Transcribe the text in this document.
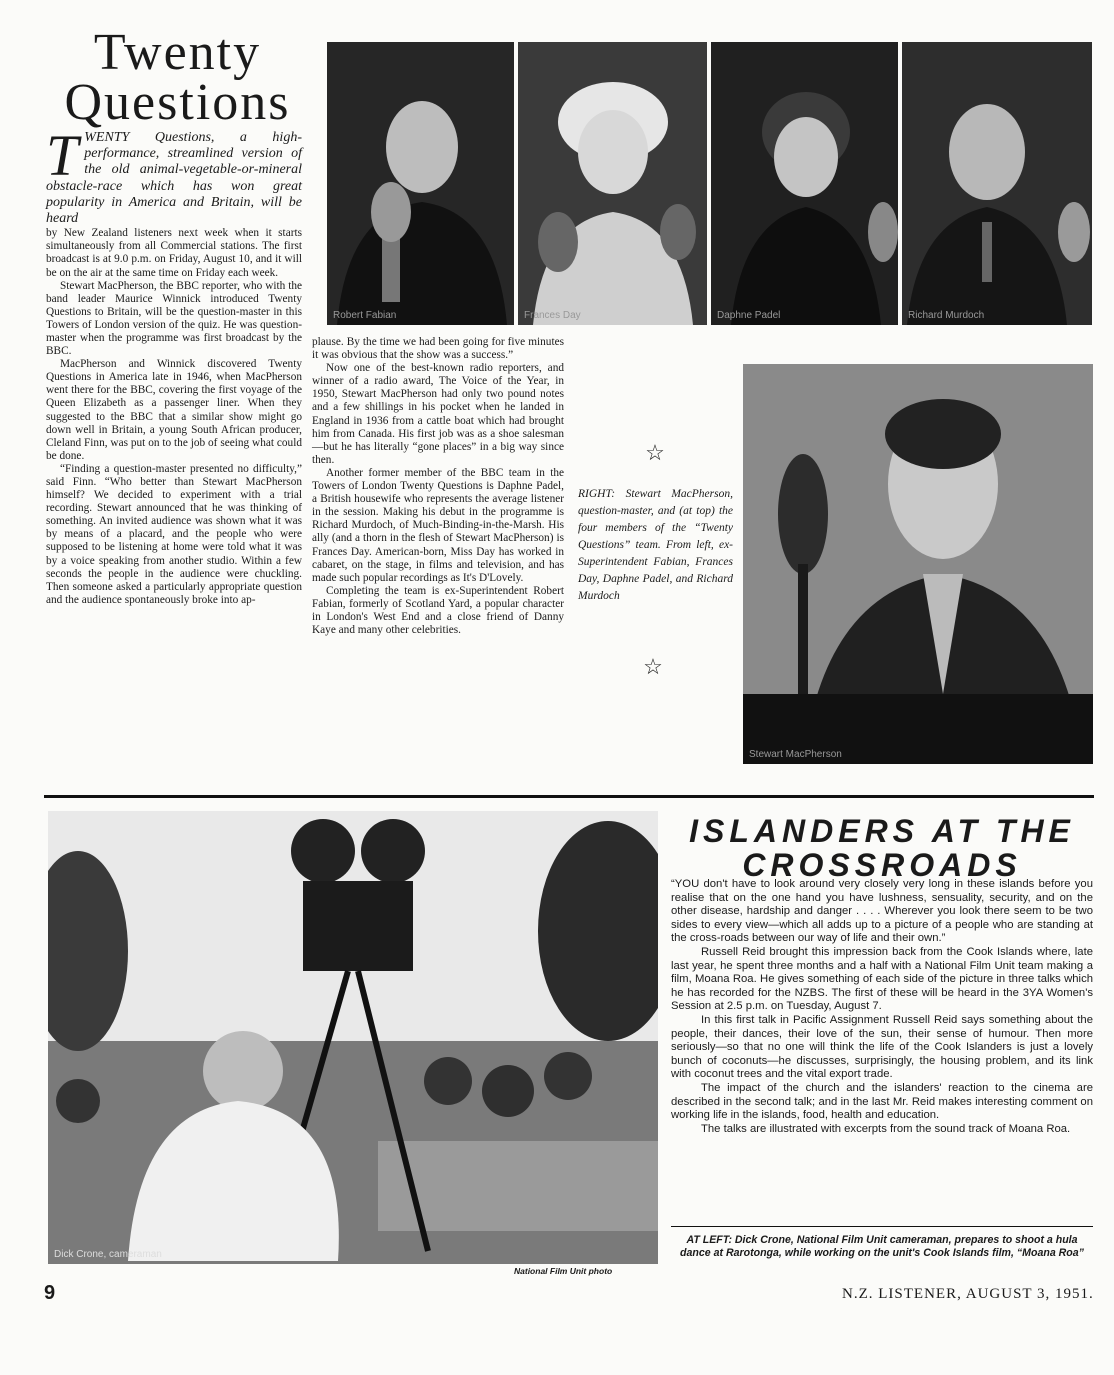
Twenty
Questions
TWENTY Questions, a high-performance, streamlined version of the old animal-vegetable-or-mineral obstacle-race which has won great popularity in America and Britain, will be heard

by New Zealand listeners next week when it starts simultaneously from all Commercial stations. The first broadcast is at 9.0 p.m. on Friday, August 10, and it will be on the air at the same time on Friday each week.

Stewart MacPherson, the BBC reporter, who with the band leader Maurice Winnick introduced Twenty Questions to Britain, will be the question-master in this Towers of London version of the quiz. He was question-master when the programme was first broadcast by the BBC.

MacPherson and Winnick discovered Twenty Questions in America late in 1946, when MacPherson went there for the BBC, covering the first voyage of the Queen Elizabeth as a passenger liner. When they suggested to the BBC that a similar show might go down well in Britain, a young South African producer, Cleland Finn, was put on to the job of seeing what could be done.

“Finding a question-master presented no difficulty,” said Finn. “Who better than Stewart MacPherson himself? We decided to experiment with a trial recording. Stewart announced that he was thinking of something. An invited audience was shown what it was by means of a placard, and the people who were supposed to be listening at home were told what it was by a voice speaking from another studio. Within a few seconds the people in the audience were chuckling. Then someone asked a particularly appropriate question and the audience spontaneously broke into ap-

plause. By the time we had been going for five minutes it was obvious that the show was a success.”

Now one of the best-known radio reporters, and winner of a radio award, The Voice of the Year, in 1950, Stewart MacPherson had only two pound notes and a few shillings in his pocket when he landed in England in 1936 from a cattle boat which had brought him from Canada. His first job was as a shoe salesman—but he has literally “gone places” in a big way since then.

Another former member of the BBC team in the Towers of London Twenty Questions is Daphne Padel, a British housewife who represents the average listener in the session. Making his debut in the programme is Richard Murdoch, of Much-Binding-in-the-Marsh. His ally (and a thorn in the flesh of Stewart MacPherson) is Frances Day. American-born, Miss Day has worked in cabaret, on the stage, in films and television, and has made such popular recordings as It's D'Lovely.

Completing the team is ex-Superintendent Robert Fabian, formerly of Scotland Yard, a popular character in London's West End and a close friend of Danny Kaye and many other celebrities.

Robert Fabian	Frances Day	Daphne Padel	Richard Murdoch
☆
RIGHT: Stewart MacPherson, question-master, and (at top) the four members of the “Twenty Questions” team. From left, ex-Superintendent Fabian, Frances Day, Daphne Padel, and Richard Murdoch
☆
Stewart MacPherson
Dick Crone, cameraman
National Film Unit photo
ISLANDERS AT THE
CROSSROADS

“YOU don't have to look around very closely very long in these islands before you realise that on the one hand you have lushness, sensuality, security, and on the other disease, hardship and danger . . . . Wherever you look there seem to be two sides to every view—which all adds up to a picture of a people who are standing at the cross-roads between our way of life and their own.”

Russell Reid brought this impression back from the Cook Islands where, late last year, he spent three months and a half with a National Film Unit team making a film, Moana Roa. He gives something of each side of the picture in three talks which he has recorded for the NZBS. The first of these will be heard in the 3YA Women's Session at 2.5 p.m. on Tuesday, August 7.

In this first talk in Pacific Assignment Russell Reid says something about the people, their dances, their love of the sun, their sense of humour. Then more seriously—so that no one will think the life of the Cook Islanders is just a lovely bunch of coconuts—he discusses, surprisingly, the housing problem, and its link with coconut trees and the vital export trade.

The impact of the church and the islanders' reaction to the cinema are described in the second talk; and in the last Mr. Reid makes interesting comment on working life in the islands, food, health and education.

The talks are illustrated with excerpts from the sound track of Moana Roa.

AT LEFT: Dick Crone, National Film Unit cameraman, prepares to shoot a hula dance at Rarotonga, while working on the unit's Cook Islands film, “Moana Roa”
9	N.Z. LISTENER, AUGUST 3, 1951.
